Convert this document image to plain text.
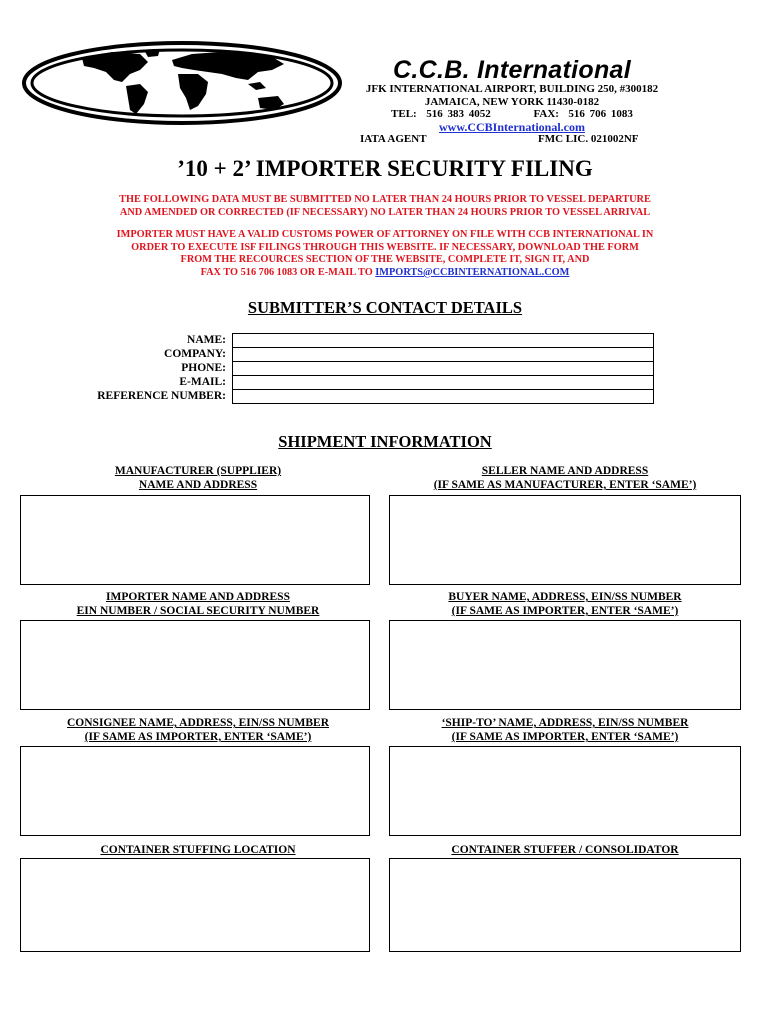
C.C.B. International
JFK INTERNATIONAL AIRPORT, BUILDING 250, #300182
JAMAICA, NEW YORK 11430-0182
TEL:  516 383 4052         FAX:  516 706 1083
www.CCBInternational.com
IATA AGENT	FMC LIC. 021002NF
’10 + 2’ IMPORTER SECURITY FILING
THE FOLLOWING DATA MUST BE SUBMITTED NO LATER THAN 24 HOURS PRIOR TO VESSEL DEPARTURE
AND AMENDED OR CORRECTED (IF NECESSARY) NO LATER THAN 24 HOURS PRIOR TO VESSEL ARRIVAL
IMPORTER MUST HAVE A VALID CUSTOMS POWER OF ATTORNEY ON FILE WITH CCB INTERNATIONAL IN
ORDER TO EXECUTE ISF FILINGS THROUGH THIS WEBSITE. IF NECESSARY, DOWNLOAD THE FORM
FROM THE RECOURCES SECTION OF THE WEBSITE, COMPLETE IT, SIGN IT, AND
FAX TO 516 706 1083 OR E-MAIL TO IMPORTS@CCBINTERNATIONAL.COM
SUBMITTER’S CONTACT DETAILS
NAME:
COMPANY:
PHONE:
E-MAIL:
REFERENCE NUMBER:
SHIPMENT INFORMATION
MANUFACTURER (SUPPLIER)
NAME AND ADDRESS
SELLER NAME AND ADDRESS
(IF SAME AS MANUFACTURER, ENTER ‘SAME’)
IMPORTER NAME AND ADDRESS
EIN NUMBER / SOCIAL SECURITY NUMBER
BUYER NAME, ADDRESS, EIN/SS NUMBER
(IF SAME AS IMPORTER, ENTER ‘SAME’)
CONSIGNEE NAME, ADDRESS, EIN/SS NUMBER
(IF SAME AS IMPORTER, ENTER ‘SAME’)
‘SHIP-TO’ NAME, ADDRESS, EIN/SS NUMBER
(IF SAME AS IMPORTER, ENTER ‘SAME’)
CONTAINER STUFFING LOCATION	CONTAINER STUFFER / CONSOLIDATOR
